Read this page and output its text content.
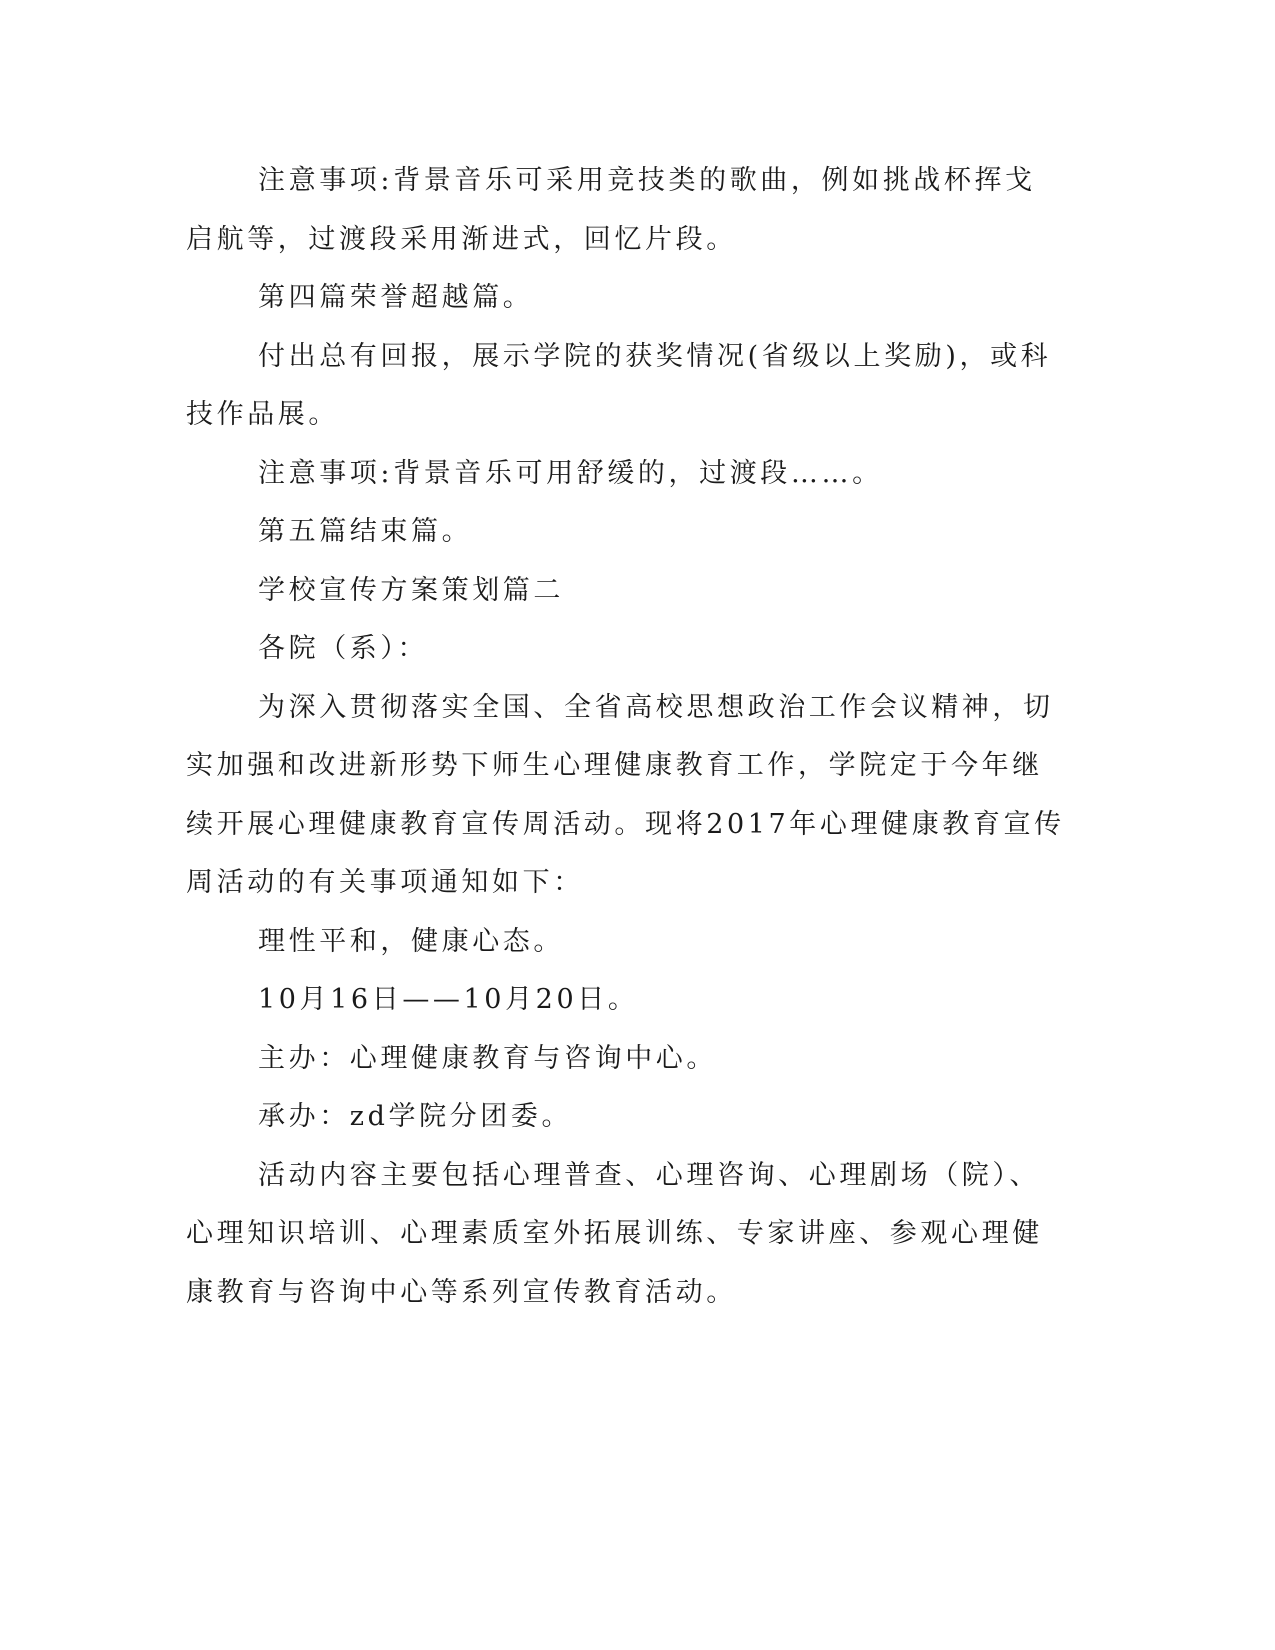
注意事项:背景音乐可采用竞技类的歌曲，例如挑战杯挥戈启航等，过渡段采用渐进式，回忆片段。

第四篇荣誉超越篇。

付出总有回报，展示学院的获奖情况(省级以上奖励)，或科技作品展。

注意事项:背景音乐可用舒缓的，过渡段……。

第五篇结束篇。

学校宣传方案策划篇二

各院（系）：

为深入贯彻落实全国、全省高校思想政治工作会议精神，切实加强和改进新形势下师生心理健康教育工作，学院定于今年继续开展心理健康教育宣传周活动。现将2017年心理健康教育宣传周活动的有关事项通知如下：

理性平和，健康心态。

10月16日——10月20日。

主办：心理健康教育与咨询中心。

承办：zd学院分团委。

活动内容主要包括心理普查、心理咨询、心理剧场（院）、心理知识培训、心理素质室外拓展训练、专家讲座、参观心理健康教育与咨询中心等系列宣传教育活动。
